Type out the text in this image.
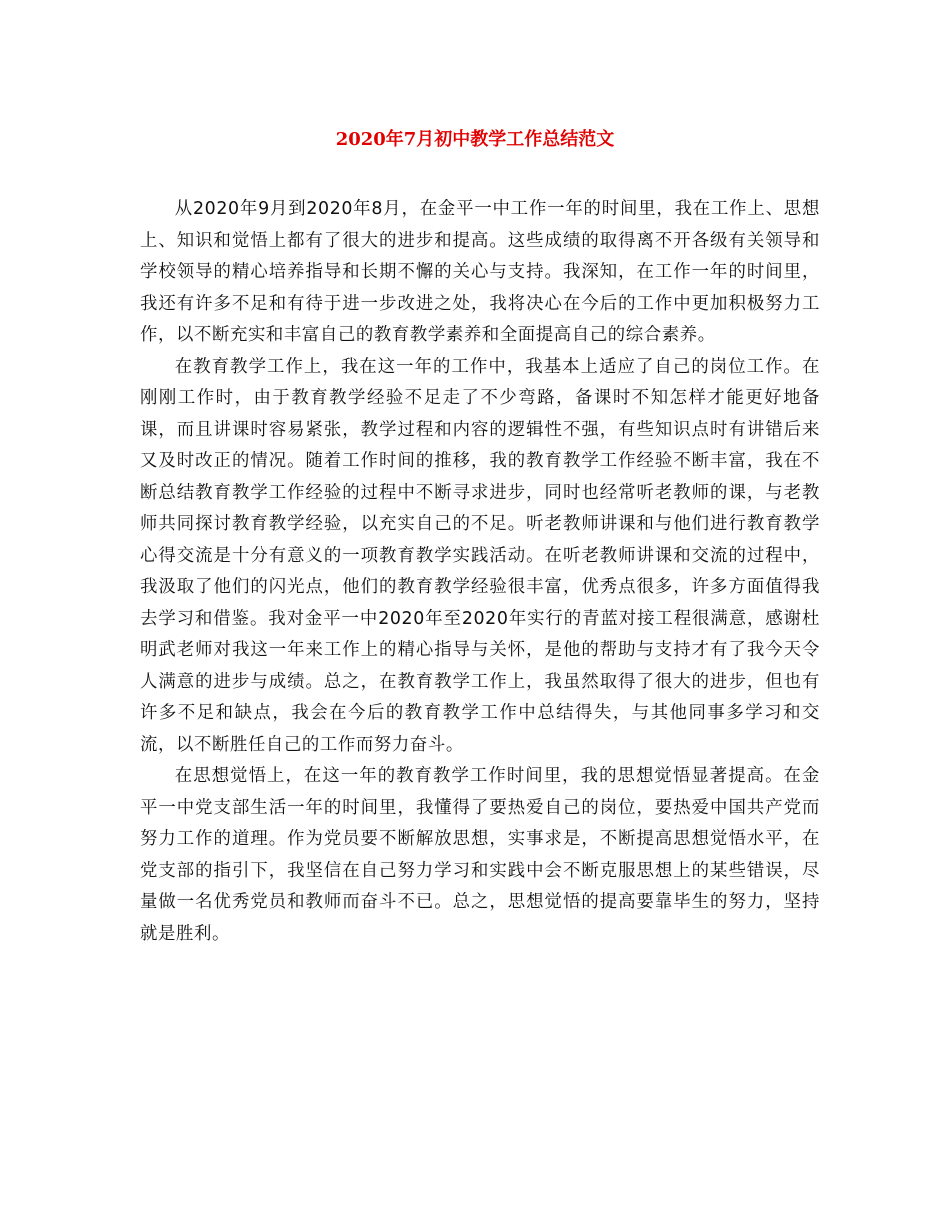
2020年7月初中教学工作总结范文

从2020年9月到2020年8月，在金平一中工作一年的时间里，我在工作上、思想上、知识和觉悟上都有了很大的进步和提高。这些成绩的取得离不开各级有关领导和学校领导的精心培养指导和长期不懈的关心与支持。我深知，在工作一年的时间里，我还有许多不足和有待于进一步改进之处，我将决心在今后的工作中更加积极努力工作，以不断充实和丰富自己的教育教学素养和全面提高自己的综合素养。

在教育教学工作上，我在这一年的工作中，我基本上适应了自己的岗位工作。在刚刚工作时，由于教育教学经验不足走了不少弯路，备课时不知怎样才能更好地备课，而且讲课时容易紧张，教学过程和内容的逻辑性不强，有些知识点时有讲错后来又及时改正的情况。随着工作时间的推移，我的教育教学工作经验不断丰富，我在不断总结教育教学工作经验的过程中不断寻求进步，同时也经常听老教师的课，与老教师共同探讨教育教学经验，以充实自己的不足。听老教师讲课和与他们进行教育教学心得交流是十分有意义的一项教育教学实践活动。在听老教师讲课和交流的过程中，我汲取了他们的闪光点，他们的教育教学经验很丰富，优秀点很多，许多方面值得我去学习和借鉴。我对金平一中2020年至2020年实行的青蓝对接工程很满意，感谢杜明武老师对我这一年来工作上的精心指导与关怀，是他的帮助与支持才有了我今天令人满意的进步与成绩。总之，在教育教学工作上，我虽然取得了很大的进步，但也有许多不足和缺点，我会在今后的教育教学工作中总结得失，与其他同事多学习和交流，以不断胜任自己的工作而努力奋斗。

在思想觉悟上，在这一年的教育教学工作时间里，我的思想觉悟显著提高。在金平一中党支部生活一年的时间里，我懂得了要热爱自己的岗位，要热爱中国共产党而努力工作的道理。作为党员要不断解放思想，实事求是，不断提高思想觉悟水平，在党支部的指引下，我坚信在自己努力学习和实践中会不断克服思想上的某些错误，尽量做一名优秀党员和教师而奋斗不已。总之，思想觉悟的提高要靠毕生的努力，坚持就是胜利。
